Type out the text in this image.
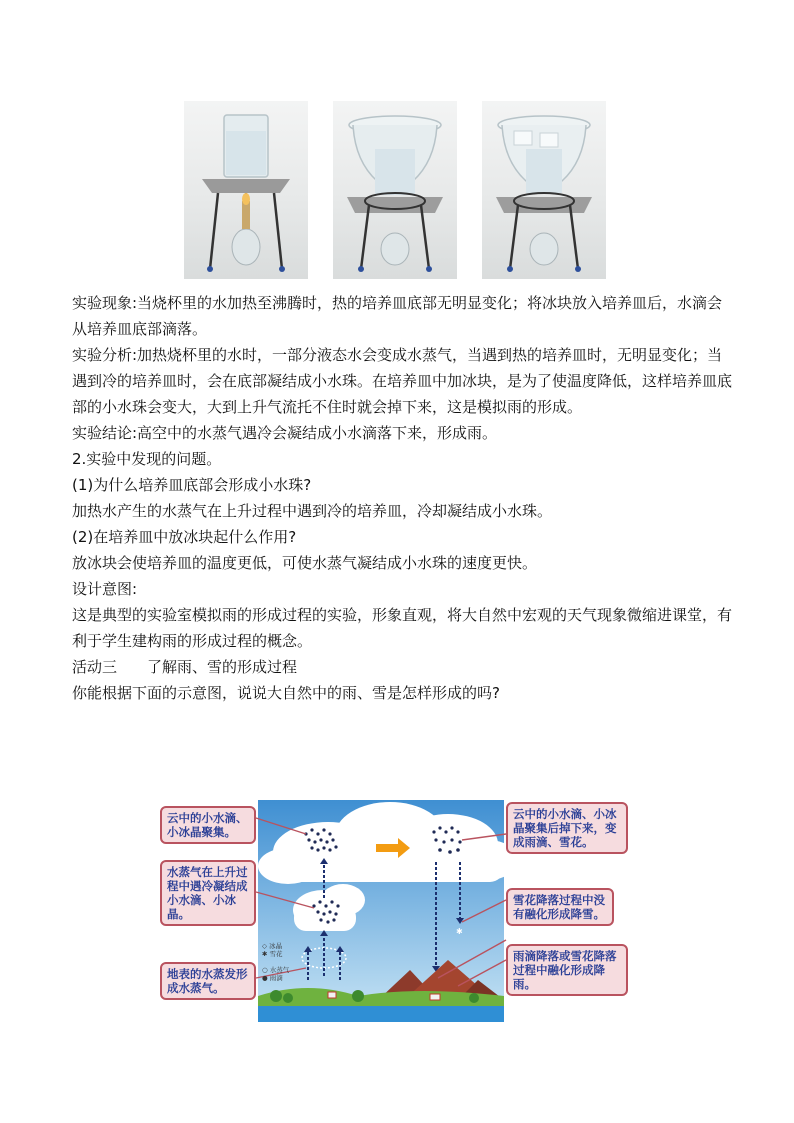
实验现象:当烧杯里的水加热至沸腾时，热的培养皿底部无明显变化；将冰块放入培养皿后，水滴会从培养皿底部滴落。

实验分析:加热烧杯里的水时，一部分液态水会变成水蒸气，当遇到热的培养皿时，无明显变化；当遇到冷的培养皿时，会在底部凝结成小水珠。在培养皿中加冰块，是为了使温度降低，这样培养皿底部的小水珠会变大，大到上升气流托不住时就会掉下来，这是模拟雨的形成。

实验结论:高空中的水蒸气遇冷会凝结成小水滴落下来，形成雨。

2.实验中发现的问题。

(1)为什么培养皿底部会形成小水珠?

加热水产生的水蒸气在上升过程中遇到冷的培养皿，冷却凝结成小水珠。

(2)在培养皿中放冰块起什么作用?

放冰块会使培养皿的温度更低，可使水蒸气凝结成小水珠的速度更快。

设计意图:

这是典型的实验室模拟雨的形成过程的实验，形象直观，将大自然中宏观的天气现象微缩进课堂，有利于学生建构雨的形成过程的概念。

活动三　　了解雨、雪的形成过程

你能根据下面的示意图，说说大自然中的雨、雪是怎样形成的吗?

✱
云中的小水滴、小冰晶聚集。
水蒸气在上升过程中遇冷凝结成小水滴、小冰晶。
地表的水蒸发形成水蒸气。
云中的小水滴、小冰晶聚集后掉下来，变成雨滴、雪花。
雪花降落过程中没有融化形成降雪。
雨滴降落或雪花降落过程中融化形成降雨。
◇ 冰晶
✱ 雪花
○ 水蒸气
● 雨滴
